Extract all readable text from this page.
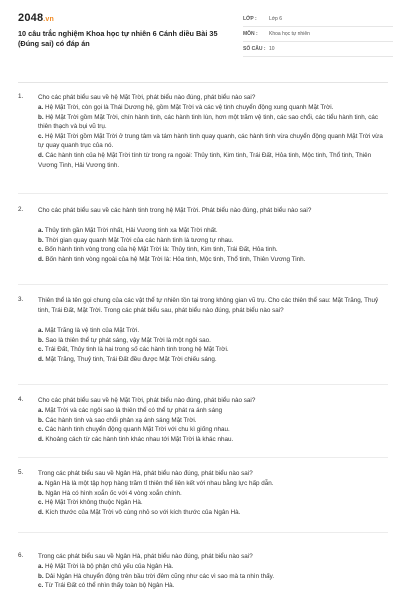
2048.vn
10 câu trắc nghiệm Khoa học tự nhiên 6 Cánh diều Bài 35 (Đúng sai) có đáp án
LỚP :	Lớp 6
MÔN :	Khoa học tự nhiên
SỐ CÂU : 10
1. Cho các phát biểu sau về hệ Mặt Trời, phát biểu nào đúng, phát biểu nào sai?
a. Hệ Mặt Trời, còn gọi là Thái Dương hệ, gồm Mặt Trời và các vệ tinh chuyển động xung quanh Mặt Trời.
b. Hệ Mặt Trời gồm Mặt Trời, chín hành tinh, các hành tinh lùn, hơn một trăm vệ tinh, các sao chổi, các tiểu hành tinh, các thiên thạch và bụi vũ trụ.
c. Hệ Mặt Trời gồm Mặt Trời ở trung tâm và tám hành tinh quay quanh, các hành tinh vừa chuyển động quanh Mặt Trời vừa tự quay quanh trục của nó.
d. Các hành tinh của hệ Mặt Trời tính từ trong ra ngoài: Thủy tinh, Kim tinh, Trái Đất, Hỏa tinh, Mộc tinh, Thổ tinh, Thiên Vương Tinh, Hải Vương tinh.
2. Cho các phát biểu sau về các hành tinh trong hệ Mặt Trời. Phát biểu nào đúng, phát biểu nào sai?
a. Thủy tinh gần Mặt Trời nhất, Hải Vương tinh xa Mặt Trời nhất.
b. Thời gian quay quanh Mặt Trời của các hành tinh là tương tự nhau.
c. Bốn hành tinh vòng trong của hệ Mặt Trời là: Thủy tinh, Kim tinh, Trái Đất, Hỏa tinh.
d. Bốn hành tinh vòng ngoài của hệ Mặt Trời là: Hỏa tinh, Mộc tinh, Thổ tinh, Thiên Vương Tinh.
3. Thiên thể là tên gọi chung của các vật thể tự nhiên tồn tại trong không gian vũ trụ. Cho các thiên thể sau: Mặt Trăng, Thuỷ tinh, Trái Đất, Mặt Trời. Trong các phát biểu sau, phát biểu nào đúng, phát biểu nào sai?
a. Mặt Trăng là vệ tinh của Mặt Trời.
b. Sao là thiên thể tự phát sáng, vậy Mặt Trời là một ngôi sao.
c. Trái Đất, Thủy tinh là hai trong số các hành tinh trong hệ Mặt Trời.
d. Mặt Trăng, Thuỷ tinh, Trái Đất đều được Mặt Trời chiếu sáng.
4. Cho các phát biểu sau về hệ Mặt Trời, phát biểu nào đúng, phát biểu nào sai?
a. Mặt Trời và các ngôi sao là thiên thể có thể tự phát ra ánh sáng
b. Các hành tinh và sao chổi phản xạ ánh sáng Mặt Trời.
c. Các hành tinh chuyển động quanh Mặt Trời với chu kì giống nhau.
d. Khoảng cách từ các hành tinh khác nhau tới Mặt Trời là khác nhau.
5. Trong các phát biểu sau về Ngân Hà, phát biểu nào đúng, phát biểu nào sai?
a. Ngân Hà là một tập hợp hàng trăm tỉ thiên thể liên kết với nhau bằng lực hấp dẫn.
b. Ngân Hà có hình xoắn ốc với 4 vòng xoắn chính.
c. Hệ Mặt Trời không thuộc Ngân Hà.
d. Kích thước của Mặt Trời vô cùng nhỏ so với kích thước của Ngân Hà.
6. Trong các phát biểu sau về Ngân Hà, phát biểu nào đúng, phát biểu nào sai?
a. Hệ Mặt Trời là bộ phận chủ yếu của Ngân Hà.
b. Dải Ngân Hà chuyển động trên bầu trời đêm cũng như các vì sao mà ta nhìn thấy.
c. Từ Trái Đất có thể nhìn thấy toàn bộ Ngân Hà.
